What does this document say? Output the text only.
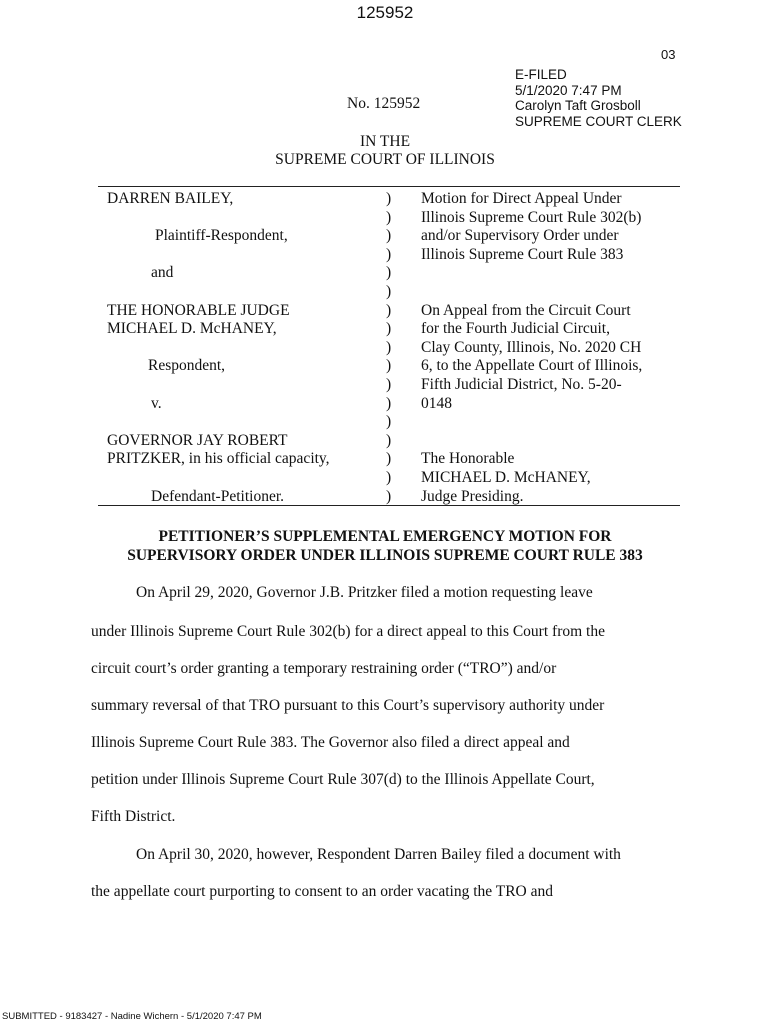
125952
03
E-FILED
5/1/2020 7:47 PM
Carolyn Taft Grosboll
SUPREME COURT CLERK
No. 125952
IN THE
SUPREME COURT OF ILLINOIS
DARREN BAILEY,
Plaintiff-Respondent,
and
THE HONORABLE JUDGE
MICHAEL D. McHANEY,
Respondent,
v.
GOVERNOR JAY ROBERT
PRITZKER, in his official capacity,
Defendant-Petitioner.
)
)
)
)
)
)
)
)
)
)
)
)
)
)
)
)
)
Motion for Direct Appeal Under
Illinois Supreme Court Rule 302(b)
and/or Supervisory Order under
Illinois Supreme Court Rule 383
On Appeal from the Circuit Court
for the Fourth Judicial Circuit,
Clay County, Illinois, No. 2020 CH
6, to the Appellate Court of Illinois,
Fifth Judicial District, No. 5-20-
0148
The Honorable
MICHAEL D. McHANEY,
Judge Presiding.
PETITIONER’S SUPPLEMENTAL EMERGENCY MOTION FOR
SUPERVISORY ORDER UNDER ILLINOIS SUPREME COURT RULE 383
On April 29, 2020, Governor J.B. Pritzker filed a motion requesting leave
under Illinois Supreme Court Rule 302(b) for a direct appeal to this Court from the
circuit court’s order granting a temporary restraining order (“TRO”) and/or
summary reversal of that TRO pursuant to this Court’s supervisory authority under
Illinois Supreme Court Rule 383. The Governor also filed a direct appeal and
petition under Illinois Supreme Court Rule 307(d) to the Illinois Appellate Court,
Fifth District.
On April 30, 2020, however, Respondent Darren Bailey filed a document with
the appellate court purporting to consent to an order vacating the TRO and
SUBMITTED - 9183427 - Nadine Wichern - 5/1/2020 7:47 PM
